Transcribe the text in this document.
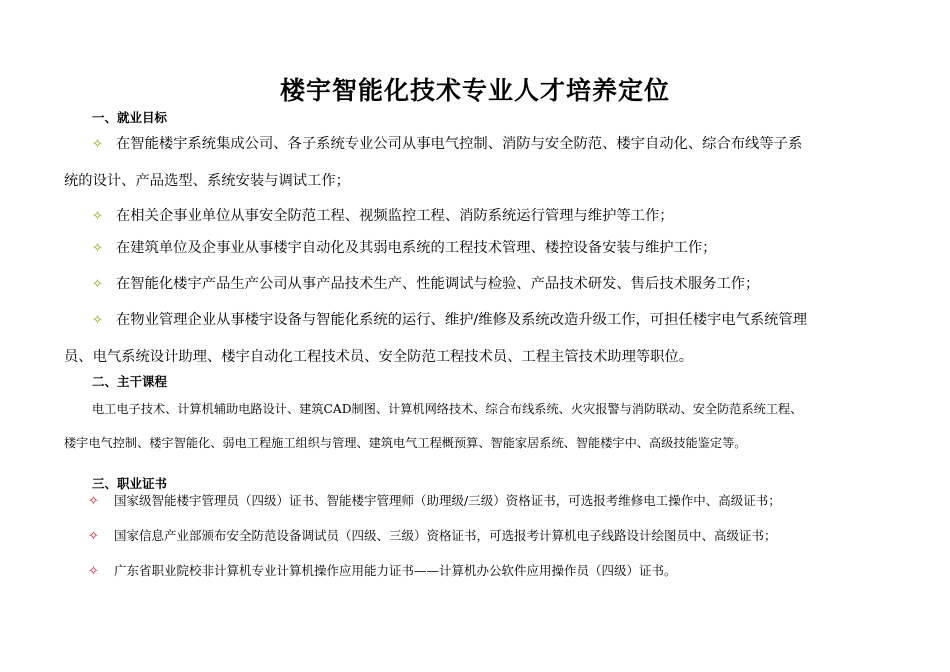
楼宇智能化技术专业人才培养定位
一、就业目标
✧ 在智能楼宇系统集成公司、各子系统专业公司从事电气控制、消防与安全防范、楼宇自动化、综合布线等子系
统的设计、产品选型、系统安装与调试工作；
✧ 在相关企事业单位从事安全防范工程、视频监控工程、消防系统运行管理与维护等工作；
✧ 在建筑单位及企事业从事楼宇自动化及其弱电系统的工程技术管理、楼控设备安装与维护工作；
✧ 在智能化楼宇产品生产公司从事产品技术生产、性能调试与检验、产品技术研发、售后技术服务工作；
✧ 在物业管理企业从事楼宇设备与智能化系统的运行、维护/维修及系统改造升级工作，可担任楼宇电气系统管理
员、电气系统设计助理、楼宇自动化工程技术员、安全防范工程技术员、工程主管技术助理等职位。
二、主干课程
电工电子技术、计算机辅助电路设计、建筑CAD制图、计算机网络技术、综合布线系统、火灾报警与消防联动、安全防范系统工程、
楼宇电气控制、楼宇智能化、弱电工程施工组织与管理、建筑电气工程概预算、智能家居系统、智能楼宇中、高级技能鉴定等。
三、职业证书
✧ 国家级智能楼宇管理员（四级）证书、智能楼宇管理师（助理级/三级）资格证书，可选报考维修电工操作中、高级证书；
✧ 国家信息产业部颁布安全防范设备调试员（四级、三级）资格证书，可选报考计算机电子线路设计绘图员中、高级证书；
✧ 广东省职业院校非计算机专业计算机操作应用能力证书——计算机办公软件应用操作员（四级）证书。
